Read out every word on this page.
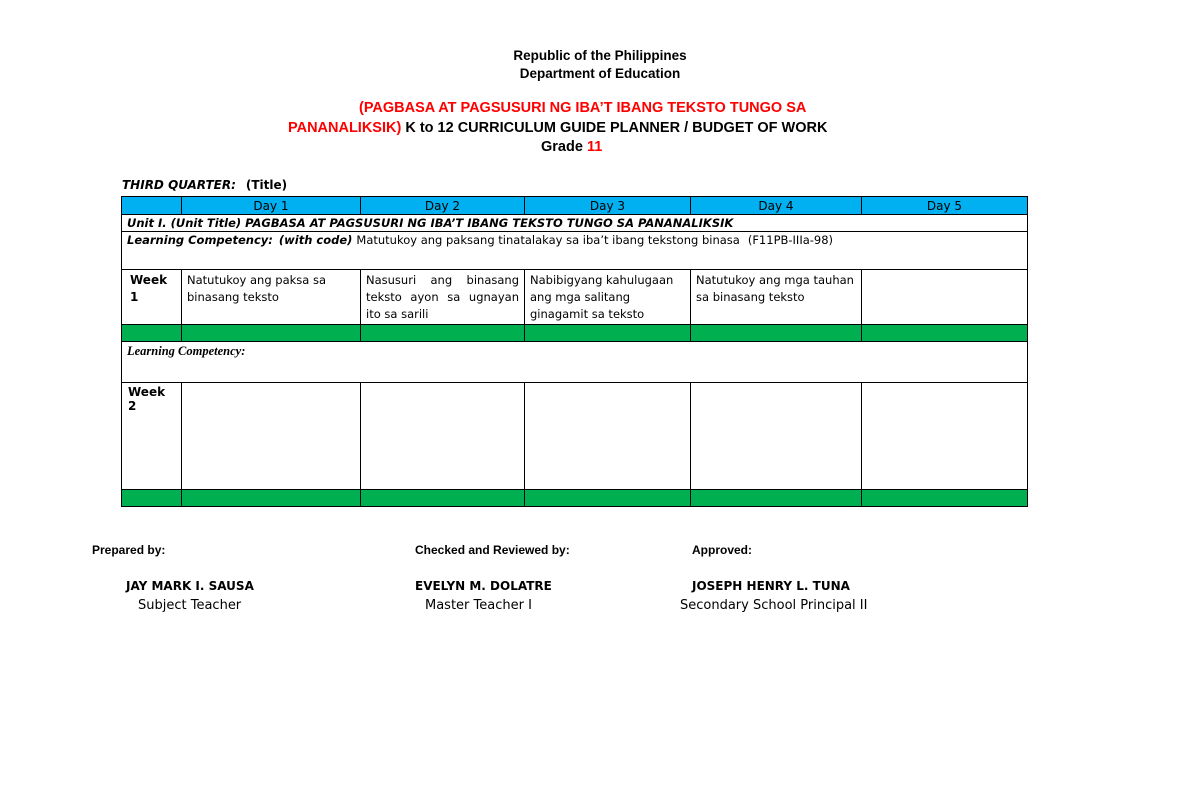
Republic of the Philippines
Department of Education
(PAGBASA AT PAGSUSURI NG IBA’T IBANG TEKSTO TUNGO SA
PANANALIKSIK) K to 12 CURRICULUM GUIDE PLANNER / BUDGET OF WORK
Grade 11
THIRD QUARTER: (Title)
	Day 1	Day 2	Day 3	Day 4	Day 5
Unit I. (Unit Title) PAGBASA AT PAGSUSURI NG IBA’T IBANG TEKSTO TUNGO SA PANANALIKSIK					
Learning Competency: (with code) Matutukoy ang paksang tinatalakay sa iba’t ibang tekstong binasa (F11PB-IIIa-98)					
Week 1	Natutukoy ang paksa sa binasang teksto	Nasusuri ang binasang teksto ayon sa ugnayan ito sa sarili	Nabibigyang kahulugaan ang mga salitang ginagamit sa teksto	Natutukoy ang mga tauhan sa binasang teksto	

Learning Competency:					
Week 2					

Prepared by:	Checked and Reviewed by:	Approved:
JAY MARK I. SAUSA	EVELYN M. DOLATRE	JOSEPH HENRY L. TUNA
Subject Teacher	Master Teacher I	Secondary School Principal II
